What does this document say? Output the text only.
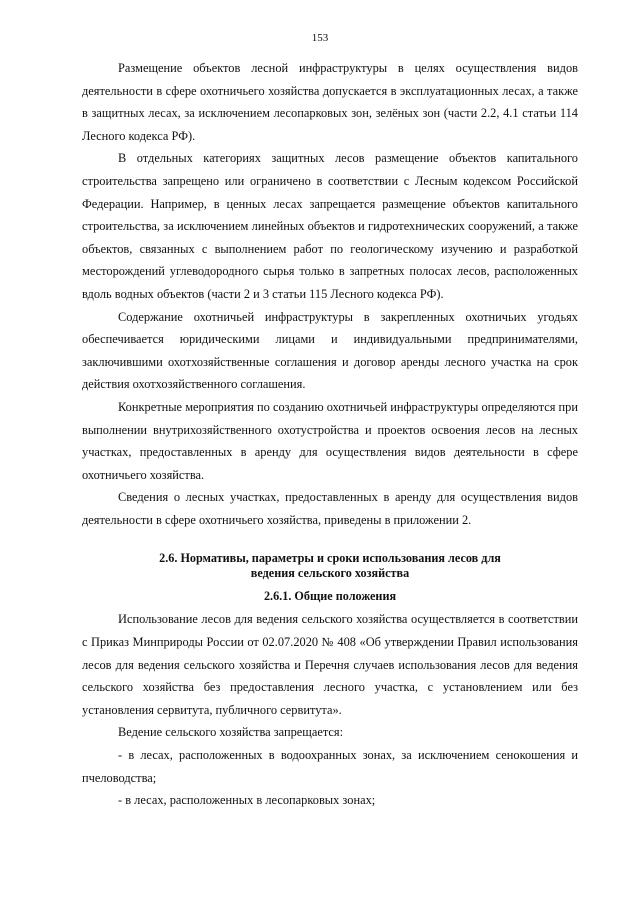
153

Размещение объектов лесной инфраструктуры в целях осуществления видов деятельности в сфере охотничьего хозяйства допускается в эксплуатационных лесах, а также в защитных лесах, за исключением лесопарковых зон, зелёных зон (части 2.2, 4.1 статьи 114 Лесного кодекса РФ).

В отдельных категориях защитных лесов размещение объектов капитального строительства запрещено или ограничено в соответствии с Лесным кодексом Российской Федерации. Например, в ценных лесах запрещается размещение объектов капитального строительства, за исключением линейных объектов и гидротехнических сооружений, а также объектов, связанных с выполнением работ по геологическому изучению и разработкой месторождений углеводородного сырья только в запретных полосах лесов, расположенных вдоль водных объектов (части 2 и 3 статьи 115 Лесного кодекса РФ).

Содержание охотничьей инфраструктуры в закрепленных охотничьих угодьях обеспечивается юридическими лицами и индивидуальными предпринимателями, заключившими охотхозяйственные соглашения и договор аренды лесного участка на срок действия охотхозяйственного соглашения.

Конкретные мероприятия по созданию охотничьей инфраструктуры определяются при выполнении внутрихозяйственного охотустройства и проектов освоения лесов на лесных участках, предоставленных в аренду для осуществления видов деятельности в сфере охотничьего хозяйства.

Сведения о лесных участках, предоставленных в аренду для осуществления видов деятельности в сфере охотничьего хозяйства, приведены в приложении 2.

2.6. Нормативы, параметры и сроки использования лесов для
ведения сельского хозяйства
2.6.1. Общие положения

Использование лесов для ведения сельского хозяйства осуществляется в соответствии с Приказ Минприроды России от 02.07.2020 № 408 «Об утверждении Правил использования лесов для ведения сельского хозяйства и Перечня случаев использования лесов для ведения сельского хозяйства без предоставления лесного участка, с установлением или без установления сервитута, публичного сервитута».

Ведение сельского хозяйства запрещается:

- в лесах, расположенных в водоохранных зонах, за исключением сенокошения и пчеловодства;

- в лесах, расположенных в лесопарковых зонах;
